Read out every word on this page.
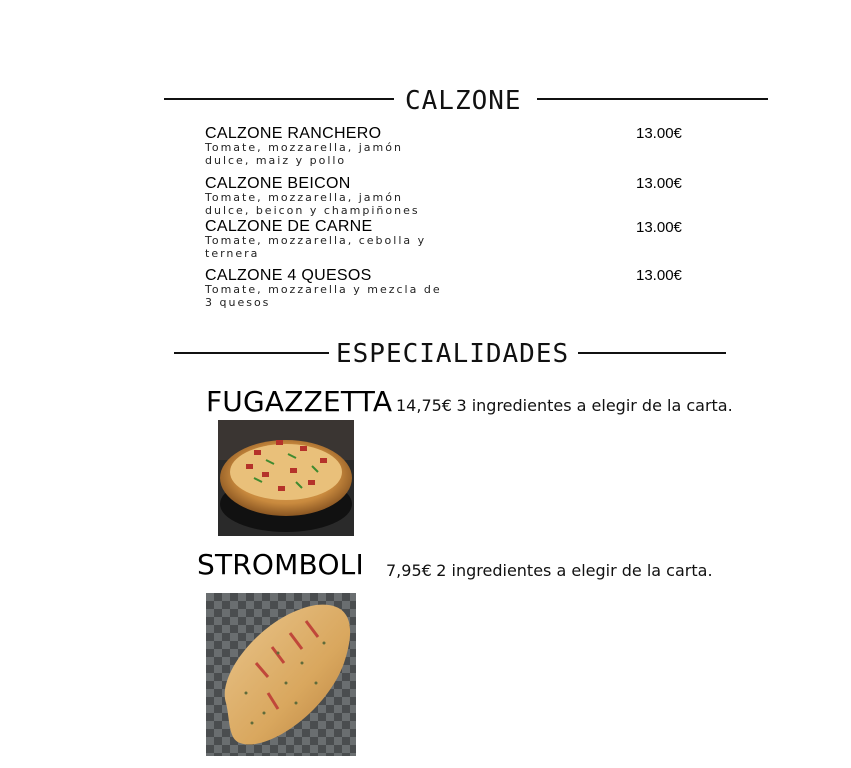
CALZONE
CALZONE RANCHERO
Tomate, mozzarella, jamón dulce, maiz y pollo
13.00€
CALZONE BEICON
Tomate, mozzarella, jamón dulce, beicon y champiñones
13.00€
CALZONE DE CARNE
Tomate, mozzarella, cebolla y ternera
13.00€
CALZONE 4 QUESOS
Tomate, mozzarella y mezcla de 3 quesos
13.00€
ESPECIALIDADES
FUGAZZETTA 14,75€ 3 ingredientes a elegir de la carta.
STROMBOLI 7,95€ 2 ingredientes a elegir de la carta.
